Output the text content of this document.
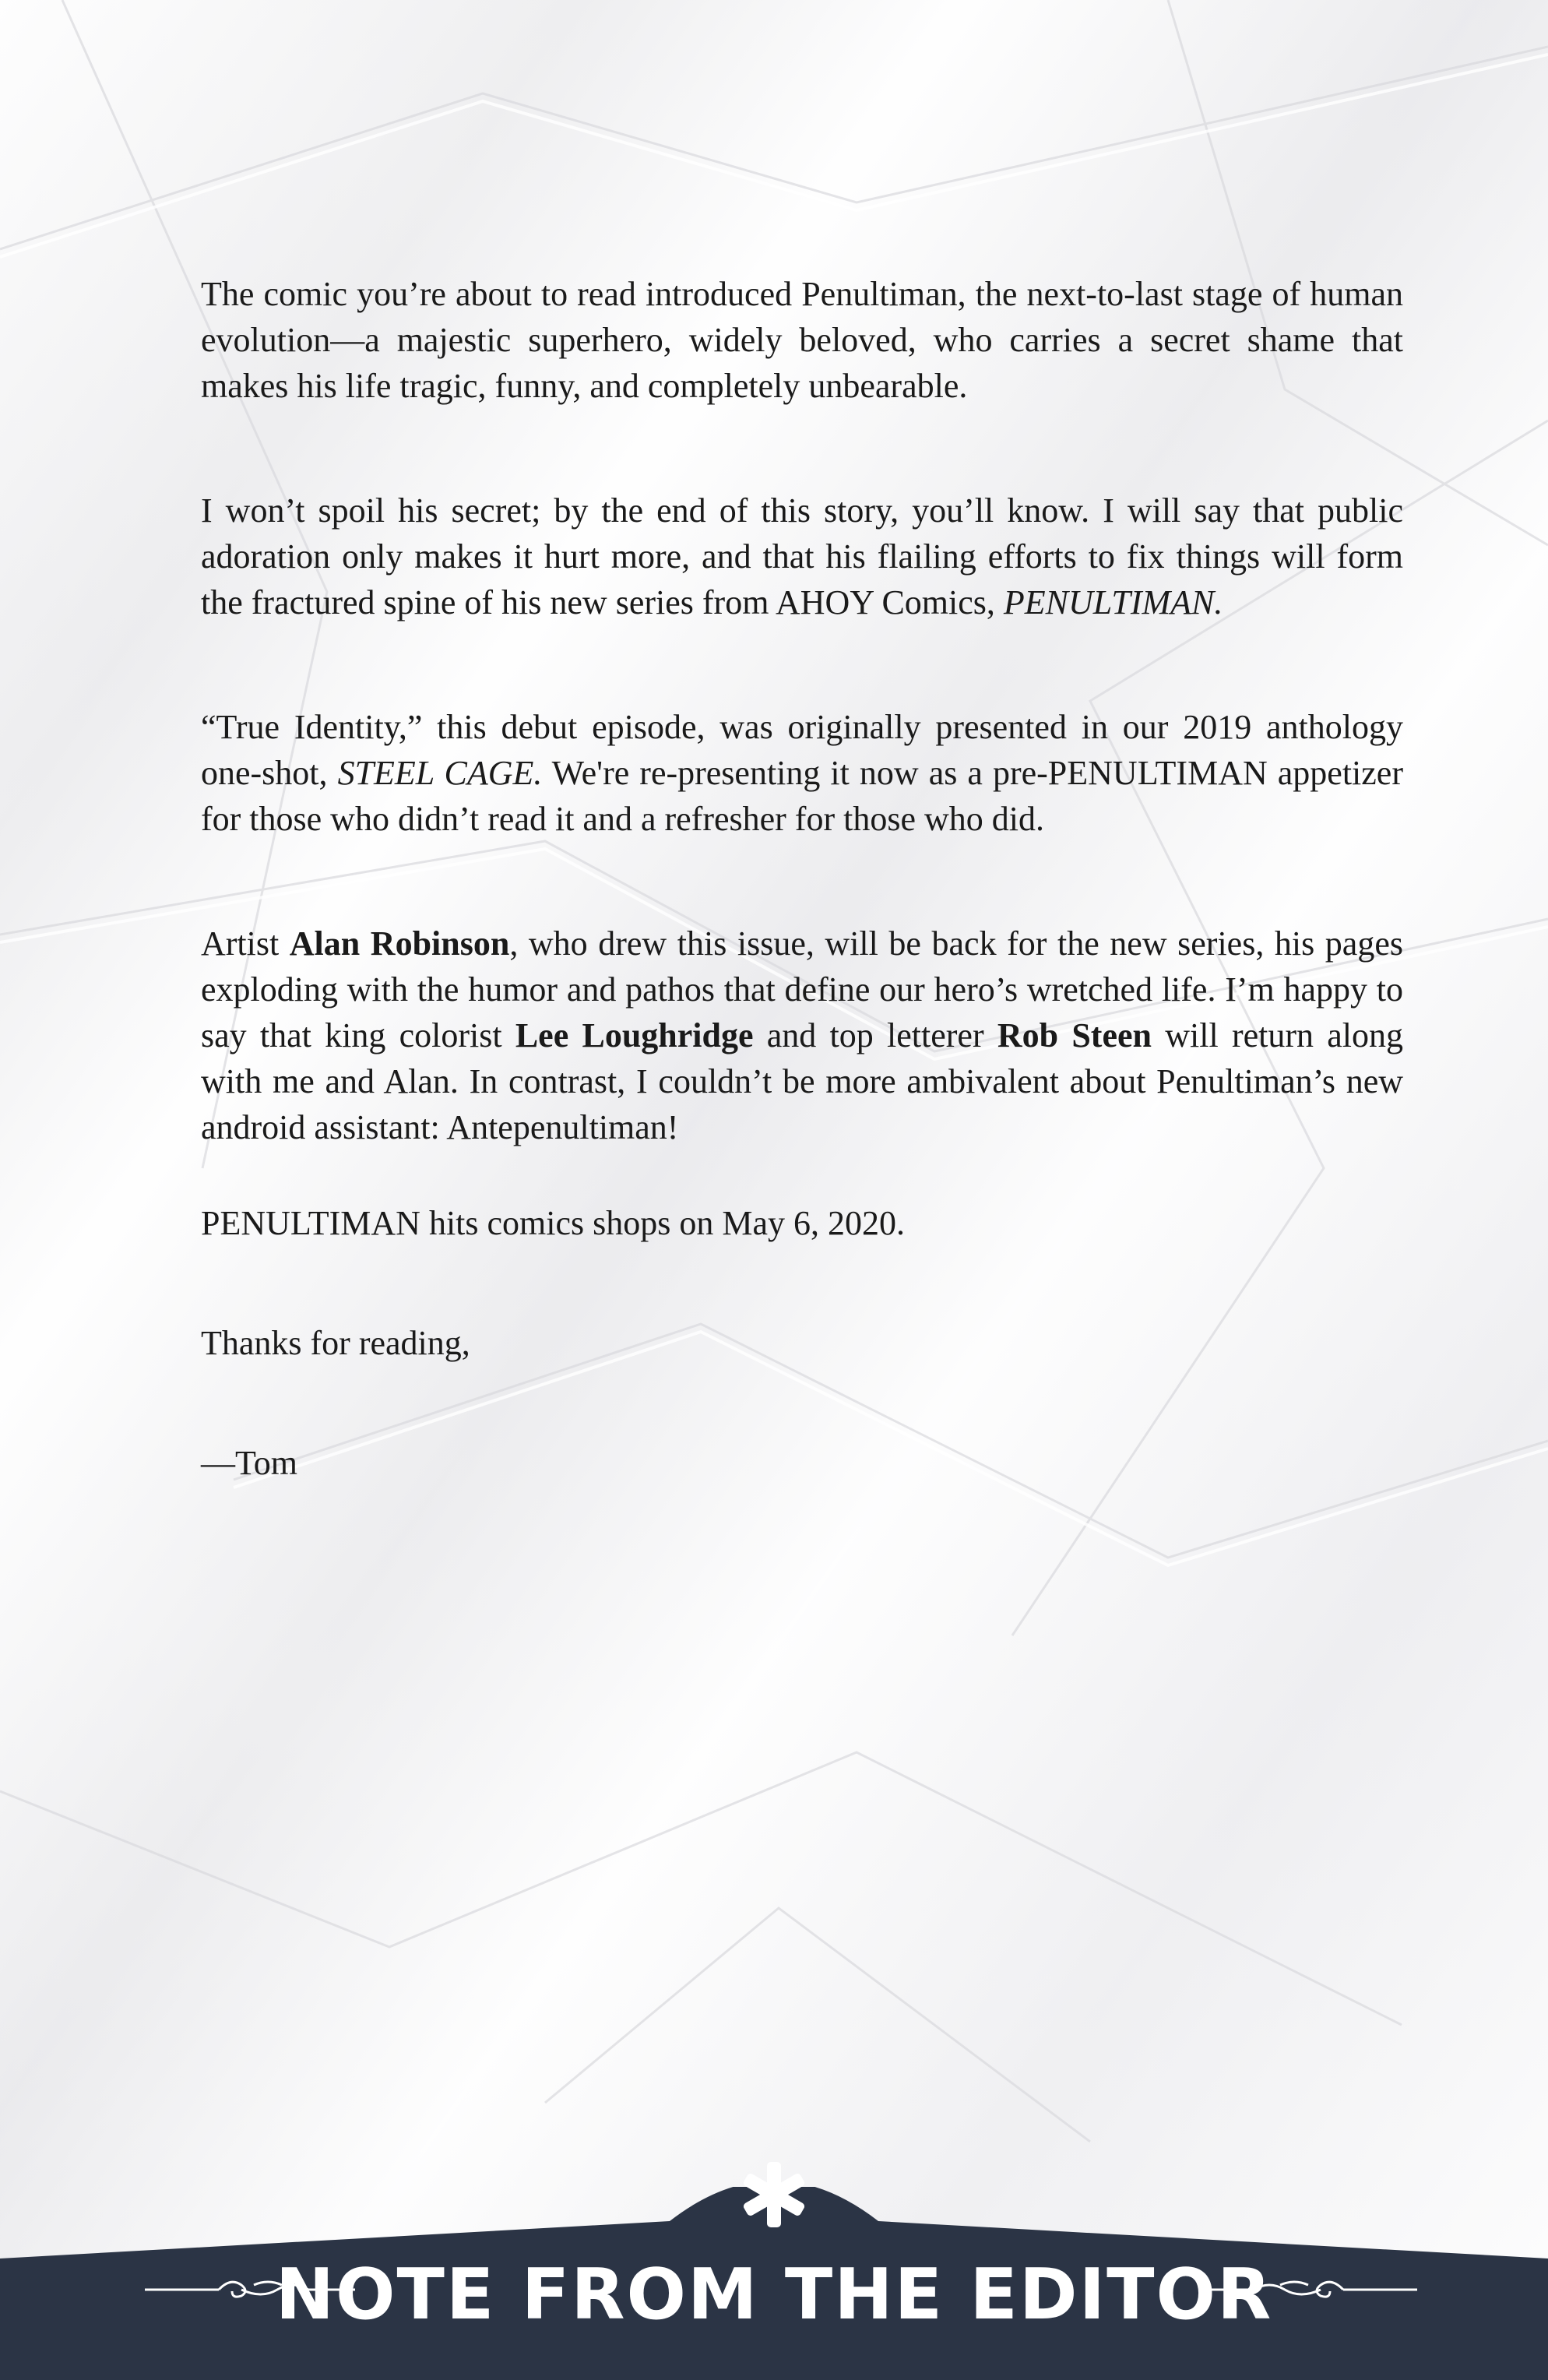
The comic you’re about to read introduced Penultiman, the next-to-last stage of human evolution—a majestic superhero, widely beloved, who carries a secret shame that makes his life tragic, funny, and completely unbearable.

I won’t spoil his secret; by the end of this story, you’ll know. I will say that public adoration only makes it hurt more, and that his flailing efforts to fix things will form the fractured spine of his new series from AHOY Comics, PENULTIMAN.

“True Identity,” this debut episode, was originally presented in our 2019 anthology one-shot, STEEL CAGE. We're re-presenting it now as a pre-PENULTIMAN appetizer for those who didn’t read it and a refresher for those who did.

Artist Alan Robinson, who drew this issue, will be back for the new series, his pages exploding with the humor and pathos that define our hero’s wretched life. I’m happy to say that king colorist Lee Loughridge and top letterer Rob Steen will return along with me and Alan. In contrast, I couldn’t be more ambivalent about Penultiman’s new android assistant: Antepenultiman!

PENULTIMAN hits comics shops on May 6, 2020.

Thanks for reading,

—Tom

NOTE FROM THE EDITOR
